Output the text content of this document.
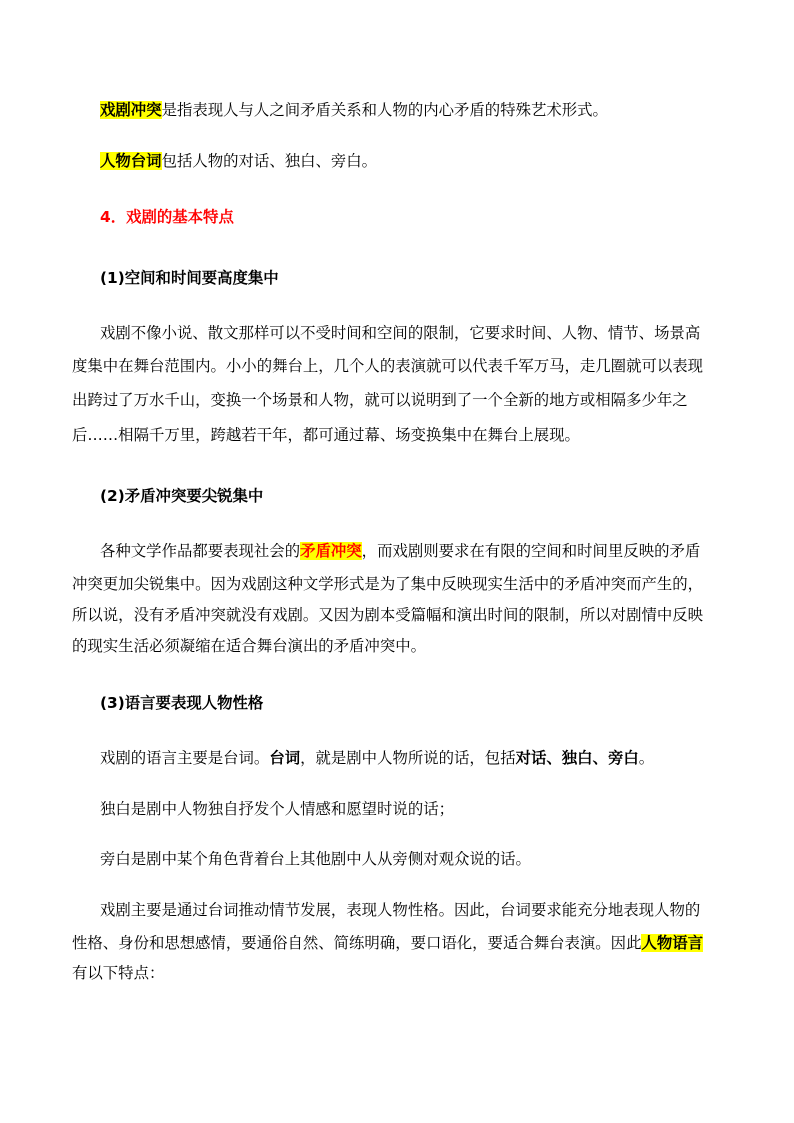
戏剧冲突是指表现人与人之间矛盾关系和人物的内心矛盾的特殊艺术形式。
人物台词包括人物的对话、独白、旁白。
4．戏剧的基本特点
(1)空间和时间要高度集中
戏剧不像小说、散文那样可以不受时间和空间的限制，它要求时间、人物、情节、场景高
度集中在舞台范围内。小小的舞台上，几个人的表演就可以代表千军万马，走几圈就可以表现
出跨过了万水千山，变换一个场景和人物，就可以说明到了一个全新的地方或相隔多少年之
后……相隔千万里，跨越若干年，都可通过幕、场变换集中在舞台上展现。
(2)矛盾冲突要尖锐集中
各种文学作品都要表现社会的矛盾冲突，而戏剧则要求在有限的空间和时间里反映的矛盾
冲突更加尖锐集中。因为戏剧这种文学形式是为了集中反映现实生活中的矛盾冲突而产生的，
所以说，没有矛盾冲突就没有戏剧。又因为剧本受篇幅和演出时间的限制，所以对剧情中反映
的现实生活必须凝缩在适合舞台演出的矛盾冲突中。
(3)语言要表现人物性格
戏剧的语言主要是台词。台词，就是剧中人物所说的话，包括对话、独白、旁白。
独白是剧中人物独自抒发个人情感和愿望时说的话；
旁白是剧中某个角色背着台上其他剧中人从旁侧对观众说的话。
戏剧主要是通过台词推动情节发展，表现人物性格。因此，台词要求能充分地表现人物的
性格、身份和思想感情，要通俗自然、简练明确，要口语化，要适合舞台表演。因此人物语言
有以下特点：
